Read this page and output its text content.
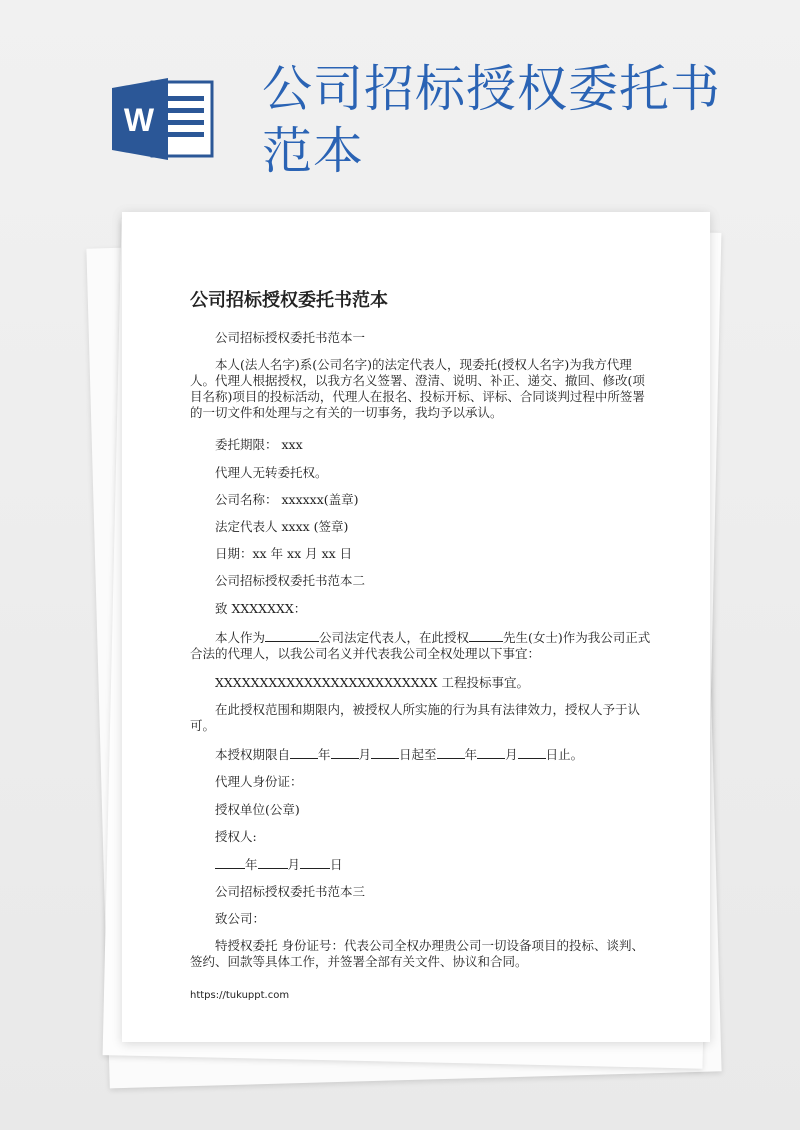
W
公司招标授权委托书范本
公司招标授权委托书范本
公司招标授权委托书范本一
本人(法人名字)系(公司名字)的法定代表人，现委托(授权人名字)为我方代理人。代理人根据授权，以我方名义签署、澄清、说明、补正、递交、撤回、修改(项目名称)项目的投标活动，代理人在报名、投标开标、评标、合同谈判过程中所签署的一切文件和处理与之有关的一切事务，我均予以承认。
委托期限： xxx
代理人无转委托权。
公司名称： xxxxxx(盖章)
法定代表人 xxxx (签章)
日期：xx 年 xx 月 xx 日
公司招标授权委托书范本二
致 XXXXXXX：
本人作为	公司法定代表人，在此授权	先生(女士)作为我公司正式合法的代理人，以我公司名义并代表我公司全权处理以下事宜：
XXXXXXXXXXXXXXXXXXXXXXXXX 工程投标事宜。
在此授权范围和期限内，被授权人所实施的行为具有法律效力，授权人予于认可。
本授权期限自 年 月 日起至 年 月 日止。
代理人身份证：
授权单位(公章)
授权人:
年 月 日
公司招标授权委托书范本三
致公司：
特授权委托 身份证号：代表公司全权办理贵公司一切设备项目的投标、谈判、签约、回款等具体工作，并签署全部有关文件、协议和合同。
https://tukuppt.com
